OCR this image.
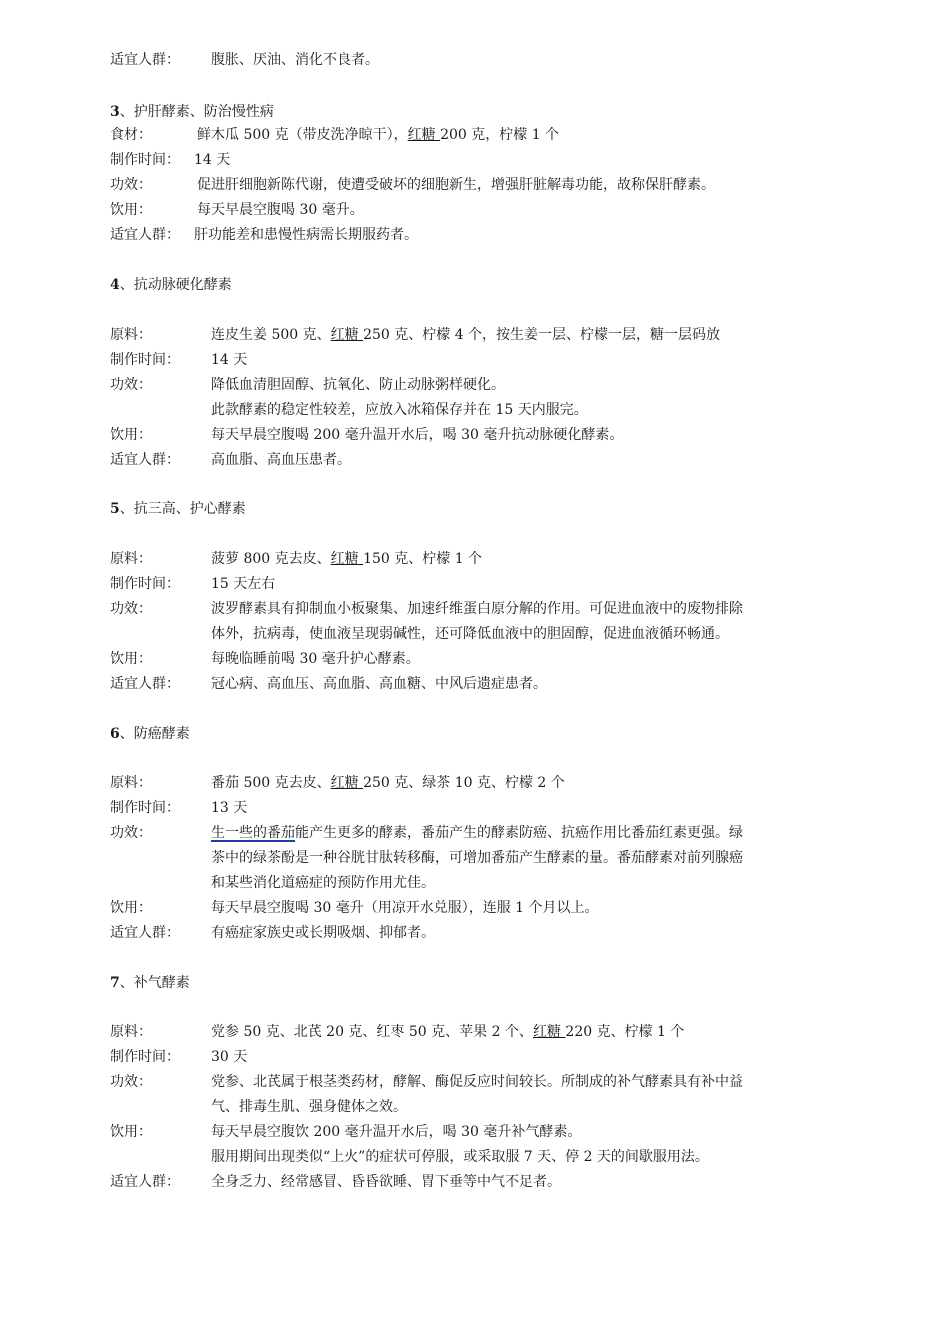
适宜人群： 腹胀、厌油、消化不良者。
3、护肝酵素、防治慢性病
食材：	鲜木瓜 500 克（带皮洗净晾干），红糖 200 克，柠檬 1 个
制作时间： 14 天
功效：	促进肝细胞新陈代谢，使遭受破坏的细胞新生，增强肝脏解毒功能，故称保肝酵素。
饮用：	每天早晨空腹喝 30 毫升。
适宜人群： 肝功能差和患慢性病需长期服药者。
4、抗动脉硬化酵素
原料：	连皮生姜 500 克、红糖 250 克、柠檬 4 个，按生姜一层、柠檬一层，糖一层码放
制作时间： 14 天
功效：	降低血清胆固醇、抗氧化、防止动脉粥样硬化。
此款酵素的稳定性较差，应放入冰箱保存并在 15 天内服完。
饮用：	每天早晨空腹喝 200 毫升温开水后，喝 30 毫升抗动脉硬化酵素。
适宜人群： 高血脂、高血压患者。
5、抗三高、护心酵素
原料：	菠萝 800 克去皮、红糖 150 克、柠檬 1 个
制作时间： 15 天左右
功效：	波罗酵素具有抑制血小板聚集、加速纤维蛋白原分解的作用。可促进血液中的废物排除
体外，抗病毒，使血液呈现弱碱性，还可降低血液中的胆固醇，促进血液循环畅通。
饮用：	每晚临睡前喝 30 毫升护心酵素。
适宜人群： 冠心病、高血压、高血脂、高血糖、中风后遗症患者。
6、防癌酵素
原料：	番茄 500 克去皮、红糖 250 克、绿茶 10 克、柠檬 2 个
制作时间： 13 天
功效：	生一些的番茄能产生更多的酵素，番茄产生的酵素防癌、抗癌作用比番茄红素更强。绿
茶中的绿茶酚是一种谷胱甘肽转移酶，可增加番茄产生酵素的量。番茄酵素对前列腺癌
和某些消化道癌症的预防作用尤佳。
饮用：	每天早晨空腹喝 30 毫升（用凉开水兑服），连服 1 个月以上。
适宜人群： 有癌症家族史或长期吸烟、抑郁者。
7、补气酵素
原料：	党参 50 克、北芪 20 克、红枣 50 克、苹果 2 个、红糖 220 克、柠檬 1 个
制作时间： 30 天
功效：	党参、北芪属于根茎类药材，酵解、酶促反应时间较长。所制成的补气酵素具有补中益
气、排毒生肌、强身健体之效。
饮用：	每天早晨空腹饮 200 毫升温开水后，喝 30 毫升补气酵素。
服用期间出现类似“上火”的症状可停服，或采取服 7 天、停 2 天的间歇服用法。
适宜人群： 全身乏力、经常感冒、昏昏欲睡、胃下垂等中气不足者。
